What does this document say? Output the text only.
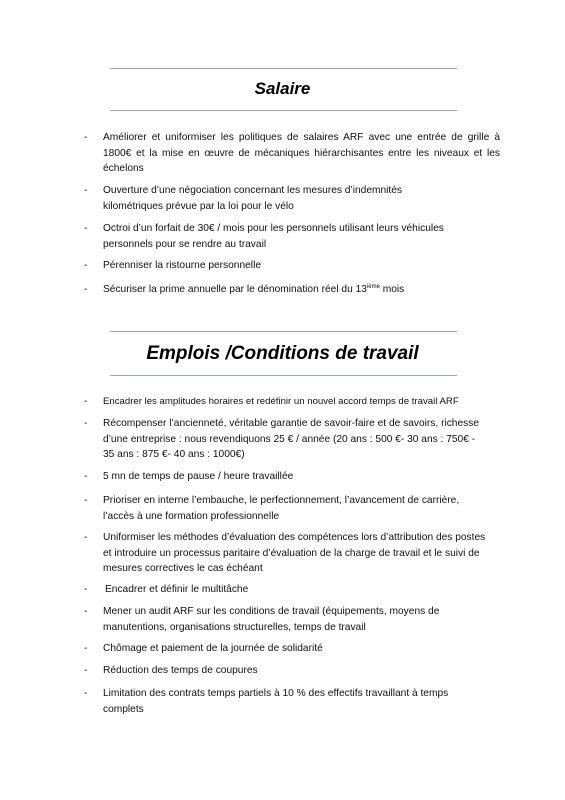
Salaire
- Améliorer et uniformiser les politiques de salaires ARF avec une entrée de grille à 1800€ et la mise en œuvre de mécaniques hiérarchisantes entre les niveaux et les échelons
- Ouverture d’une négociation concernant les mesures d’indemnités kilométriques prévue par la loi pour le vélo
- Octroi d’un forfait de 30€ / mois pour les personnels utilisant leurs véhicules personnels pour se rendre au travail
- Pérenniser la ristourne personnelle
- Sécuriser la prime annuelle par le dénomination réel du 13ième mois
Emplois /Conditions de travail
- Encadrer les amplitudes horaires et redéfinir un nouvel accord temps de travail ARF
- Récompenser l’ancienneté, véritable garantie de savoir-faire et de savoirs, richesse d’une entreprise : nous revendiquons 25 € / année (20 ans : 500 €- 30 ans : 750€ - 35 ans : 875 €- 40 ans : 1000€)
- 5 mn de temps de pause / heure travaillée
- Prioriser en interne l’embauche, le perfectionnement, l’avancement de carrière, l’accès à une formation professionnelle
- Uniformiser les méthodes d’évaluation des compétences lors d’attribution des postes et introduire un processus paritaire d’évaluation de la charge de travail et le suivi de mesures correctives le cas échéant
- Encadrer et définir le multitâche
- Mener un audit ARF sur les conditions de travail (équipements, moyens de manutentions, organisations structurelles, temps de travail
- Chômage et paiement de la journée de solidarité
- Réduction des temps de coupures
- Limitation des contrats temps partiels à 10 % des effectifs travaillant à temps complets
